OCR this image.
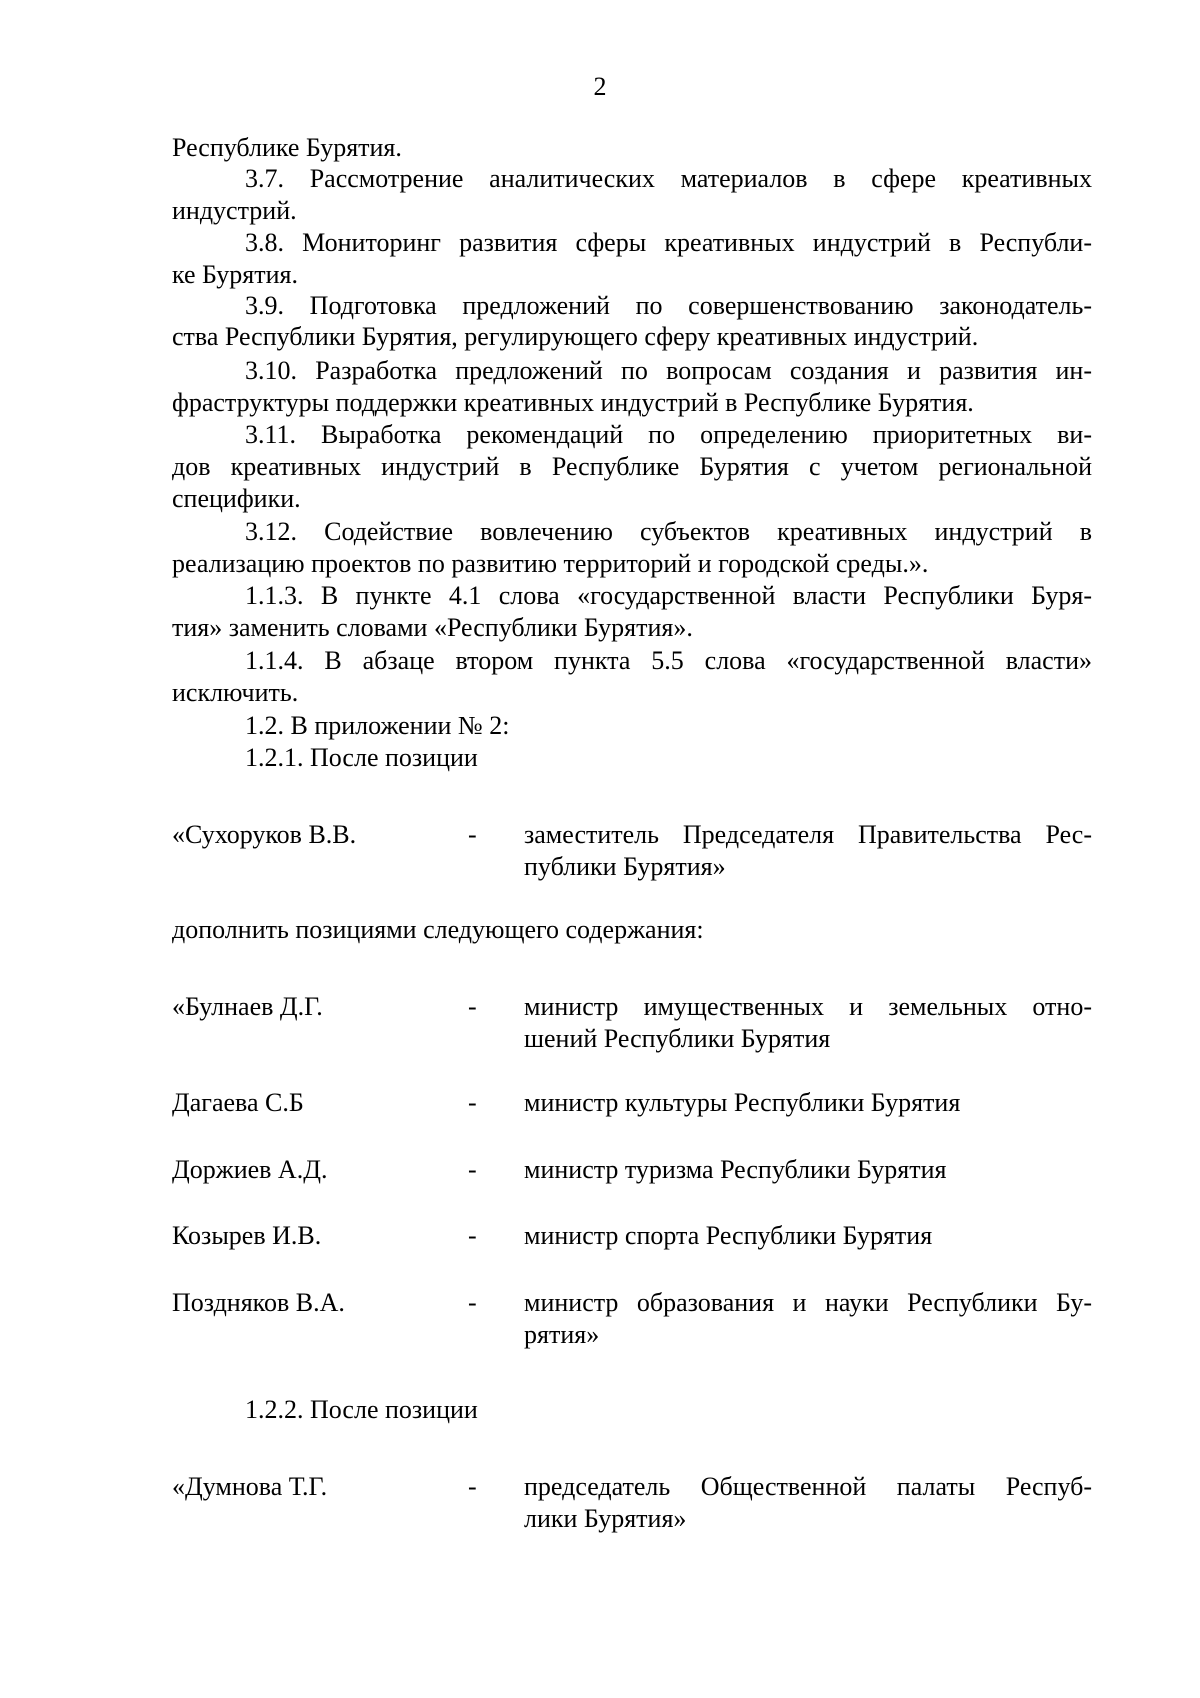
2
Республике Бурятия.
3.7. Рассмотрение аналитических материалов в сфере креативных
индустрий.
3.8. Мониторинг развития сферы креативных индустрий в Республи-
ке Бурятия.
3.9. Подготовка предложений по совершенствованию законодатель-
ства Республики Бурятия, регулирующего сферу креативных индустрий.
3.10. Разработка предложений по вопросам создания и развития ин-
фраструктуры поддержки креативных индустрий в Республике Бурятия.
3.11. Выработка рекомендаций по определению приоритетных ви-
дов креативных индустрий в Республике Бурятия с учетом региональной
специфики.
3.12. Содействие вовлечению субъектов креативных индустрий в
реализацию проектов по развитию территорий и городской среды.».
1.1.3. В пункте 4.1 слова «государственной власти Республики Буря-
тия» заменить словами «Республики Бурятия».
1.1.4. В абзаце втором пункта 5.5 слова «государственной власти»
исключить.
1.2. В приложении № 2:
1.2.1. После позиции
«Сухоруков В.В.	- заместитель Председателя Правительства Рес-
публики Бурятия»
дополнить позициями следующего содержания:
«Булнаев Д.Г.	- министр имущественных и земельных отно-
шений Республики Бурятия
Дагаева С.Б	- министр культуры Республики Бурятия
Доржиев А.Д.	- министр туризма Республики Бурятия
Козырев И.В.	- министр спорта Республики Бурятия
Поздняков В.А.	- министр образования и науки Республики Бу-
рятия»
1.2.2. После позиции
«Думнова Т.Г.	- председатель Общественной палаты Респуб-
лики Бурятия»
